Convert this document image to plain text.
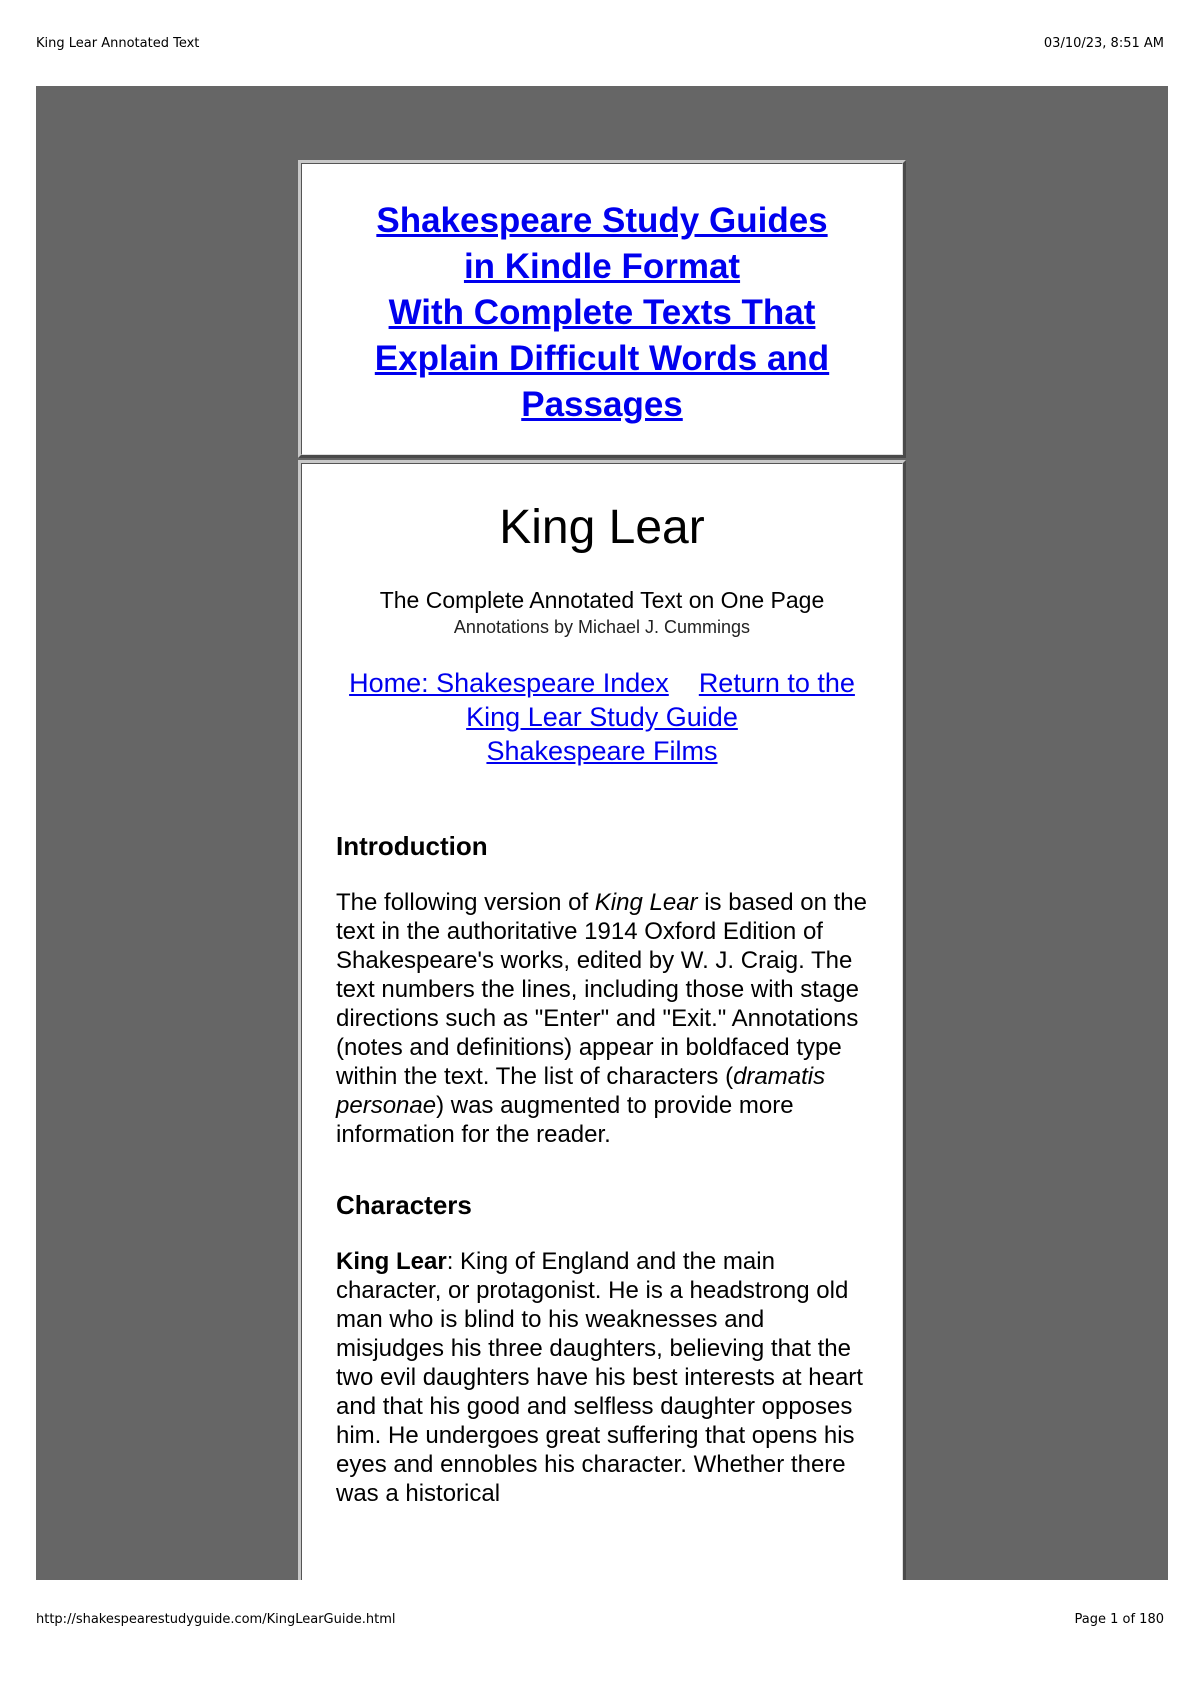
King Lear Annotated Text	03/10/23, 8:51 AM
Shakespeare Study Guides
in Kindle Format
With Complete Texts That
Explain Difficult Words and
Passages
King Lear

The Complete Annotated Text on One Page

Annotations by Michael J. Cummings

Home: Shakespeare Index Return to the King Lear Study Guide
Shakespeare Films
Introduction

The following version of King Lear is based on the text in the authoritative 1914 Oxford Edition of Shakespeare's works, edited by W. J. Craig. The text numbers the lines, including those with stage directions such as "Enter" and "Exit." Annotations (notes and definitions) appear in boldfaced type within the text. The list of characters (dramatis personae) was augmented to provide more information for the reader.

Characters

King Lear: King of England and the main character, or protagonist. He is a headstrong old man who is blind to his weaknesses and misjudges his three daughters, believing that the two evil daughters have his best interests at heart and that his good and selfless daughter opposes him. He undergoes great suffering that opens his eyes and ennobles his character. Whether there was a historical

http://shakespearestudyguide.com/KingLearGuide.html	Page 1 of 180
